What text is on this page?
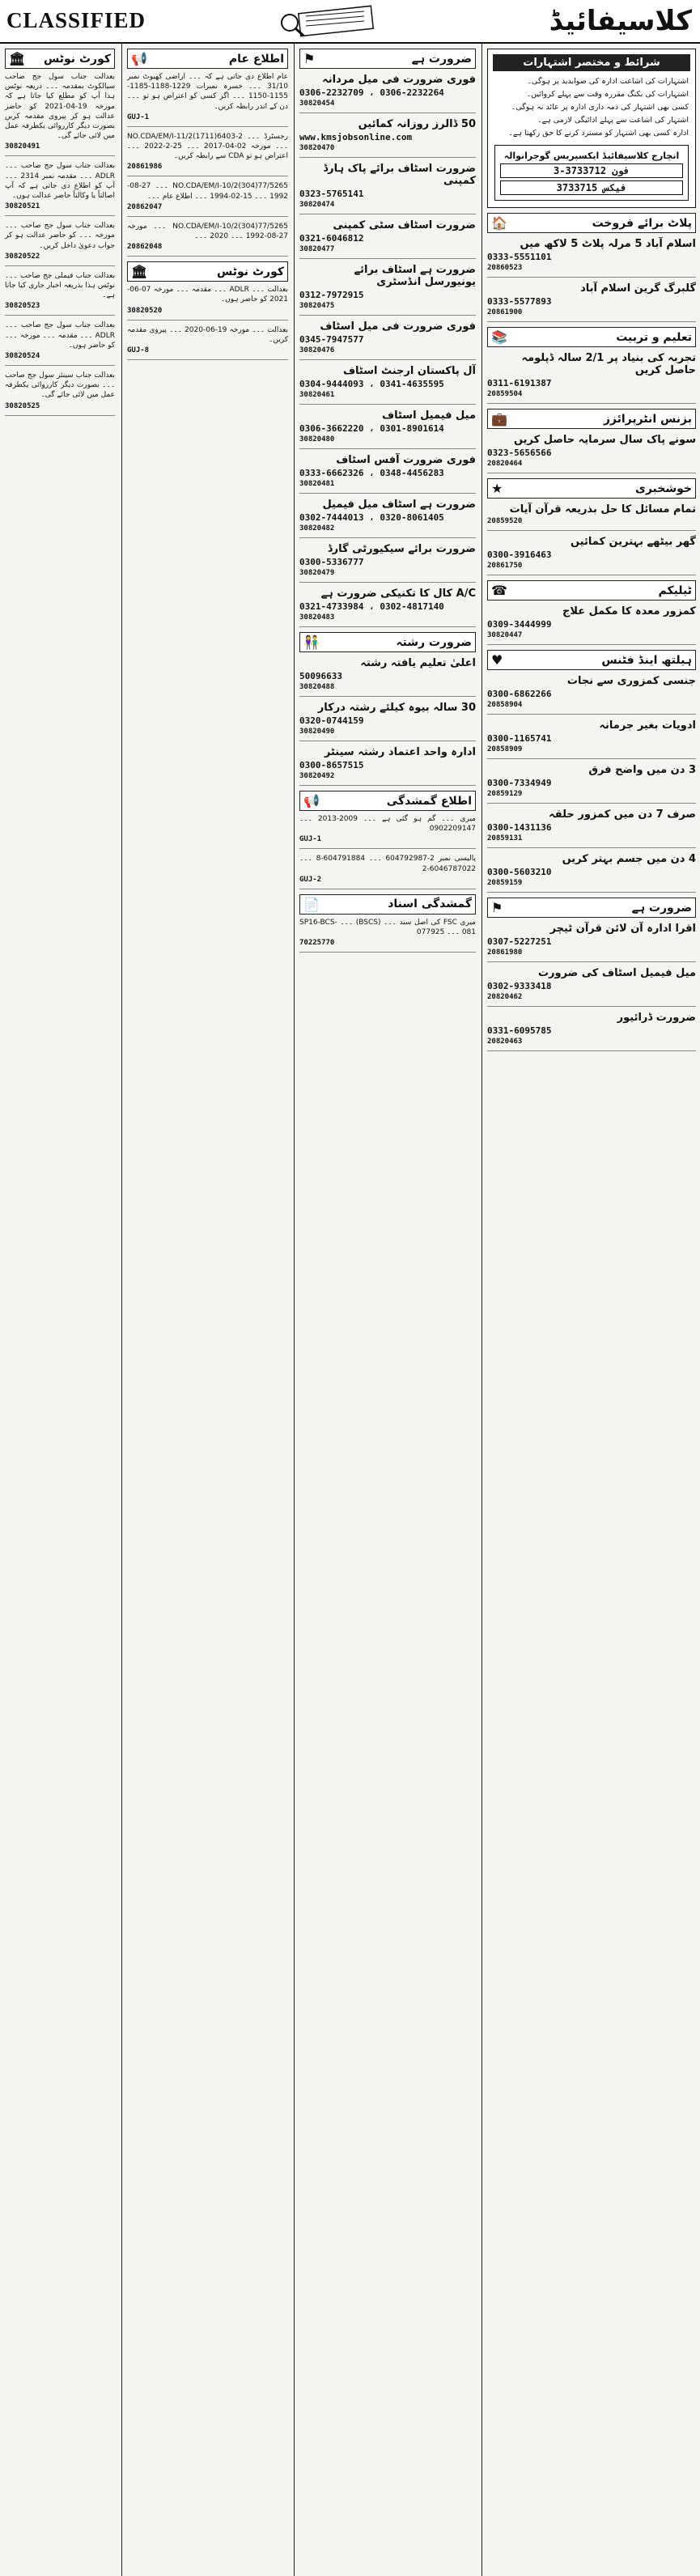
CLASSIFIED	کلاسیفائیڈ
کورٹ نوٹس
🏛
بعدالت جناب سول جج صاحب سیالکوٹ بمقدمہ ۔۔۔ ذریعہ نوٹس ہذا آپ کو مطلع کیا جاتا ہے کہ مورخہ 19-04-2021 کو حاضر عدالت ہو کر پیروی مقدمہ کریں بصورت دیگر کارروائی یکطرفہ عمل میں لائی جائے گی۔
30820491
بعدالت جناب سول جج صاحب ۔۔۔ ADLR ۔۔۔ مقدمہ نمبر 2314 ۔۔۔ آپ کو اطلاع دی جاتی ہے کہ آپ اصالتاً یا وکالتاً حاضر عدالت ہوں۔
30820521
بعدالت جناب سول جج صاحب ۔۔۔ مورخہ ۔۔۔ کو حاضر عدالت ہو کر جواب دعویٰ داخل کریں۔
30820522
بعدالت جناب فیملی جج صاحب ۔۔۔ نوٹس ہذا بذریعہ اخبار جاری کیا جاتا ہے۔
30820523
بعدالت جناب سول جج صاحب ۔۔۔ ADLR ۔۔۔ مقدمہ ۔۔۔ مورخہ ۔۔۔ کو حاضر ہوں۔
30820524
بعدالت جناب سینئر سول جج صاحب ۔۔۔ بصورت دیگر کارروائی یکطرفہ عمل میں لائی جائے گی۔
30820525
اطلاع عام
📢
عام اطلاع دی جاتی ہے کہ ۔۔۔ اراضی کھیوٹ نمبر 31/10 ۔۔۔ خسرہ نمبرات 1229-1188-1185-1155-1150 ۔۔۔ اگر کسی کو اعتراض ہو تو ۔۔۔ دن کے اندر رابطہ کریں۔
GUJ-1
رجسٹرڈ ۔۔۔ NO.CDA/EM/I-11/2(1711)6403-2 ۔۔۔ مورخہ 02-04-2017 ۔۔۔ 25-2-2022 ۔۔۔ اعتراض ہو تو CDA سے رابطہ کریں۔
20861986
NO.CDA/EM/I-10/2(304)77/5265 ۔۔۔ 27-08-1992 ۔۔۔ 15-02-1994 ۔۔۔ اطلاع عام ۔۔۔
20862047
NO.CDA/EM/I-10/2(304)77/5265 ۔۔۔ مورخہ 27-08-1992 ۔۔۔ 2020 ۔۔۔
20862048
کورٹ نوٹس
🏛
بعدالت ۔۔۔ ADLR ۔۔۔ مقدمہ ۔۔۔ مورخہ 07-06-2021 کو حاضر ہوں۔
30820520
بعدالت ۔۔۔ مورخہ 19-06-2020 ۔۔۔ پیروی مقدمہ کریں۔
GUJ-8
ضرورت ہے
⚑
فوری ضرورت فی میل مردانہ
0306-2232709 ، 0306-2232264
30820454
50 ڈالرز روزانہ کمائیں
www.kmsjobsonline.com
30820470
ضرورت اسٹاف برائے پاک ہارڈ کمپنی
0323-5765141
30820474
ضرورت اسٹاف سٹی کمپنی
0321-6046812
30820477
ضرورت ہے اسٹاف برائے یونیورسل انڈسٹری
0312-7972915
30820475
فوری ضرورت فی میل اسٹاف
0345-7947577
30820476
آل پاکستان ارجنٹ اسٹاف
0304-9444093 ، 0341-4635595
30820461
میل فیمیل اسٹاف
0306-3662220 ، 0301-8901614
30820480
فوری ضرورت آفس اسٹاف
0333-6662326 ، 0348-4456283
30820481
ضرورت ہے اسٹاف میل فیمیل
0302-7444013 ، 0320-8061405
30820482
ضرورت برائے سیکیورٹی گارڈ
0300-5336777
30820479
A/C کال کا تکنیکی ضرورت ہے
0321-4733984 ، 0302-4817140
30820483
ضرورت رشتہ
👫
اعلیٰ تعلیم یافتہ رشتہ
50096633
30820488
30 سالہ بیوہ کیلئے رشتہ درکار
0320-0744159
30820490
ادارہ واحد اعتماد رشتہ سینٹر
0300-8657515
30820492
اطلاع گمشدگی
📢
میری ۔۔۔ گم ہو گئی ہے ۔۔۔ 2009-2013 ۔۔۔ 0902209147
GUJ-1
پالیسی نمبر 2-604792987 ۔۔۔ 604791884-8 ۔۔۔ 6046787022-2
GUJ-2
گمشدگی اسناد
📄
میری FSC کی اصل سند ۔۔۔ (BSCS) ۔۔۔ SP16-BCS-081 ۔۔۔ 077925
70225770
شرائط و مختصر اشتہارات
اشتہارات کی اشاعت ادارہ کی صوابدید پر ہوگی۔
اشتہارات کی بکنگ مقررہ وقت سے پہلے کروائیں۔
کسی بھی اشتہار کی ذمہ داری ادارہ پر عائد نہ ہوگی۔
اشتہار کی اشاعت سے پہلے ادائیگی لازمی ہے۔
ادارہ کسی بھی اشتہار کو مسترد کرنے کا حق رکھتا ہے۔
انچارج کلاسیفائیڈ ایکسپریس گوجرانوالہ
فون 3733712-3
فیکس 3733715
پلاٹ برائے فروخت
🏠
اسلام آباد 5 مرلہ پلاٹ 5 لاکھ میں
0333-5551101
20860523
گلبرگ گرین اسلام آباد
0333-5577893
20861900
تعلیم و تربیت
📚
تجربہ کی بنیاد پر 2/1 سالہ ڈپلومہ حاصل کریں
0311-6191387
20859504
بزنس انٹرپرائزز
💼
سونے پاک سال سرمایہ حاصل کریں
0323-5656566
20820464
خوشخبری
★
تمام مسائل کا حل بذریعہ قرآن آیات
20859520
گھر بیٹھے بہترین کمائیں
0300-3916463
20861750
ٹیلیکم
☎
کمزور معدہ کا مکمل علاج
0309-3444999
30820447
ہیلتھ اینڈ فٹنس
♥
جنسی کمزوری سے نجات
0300-6862266
20858904
ادویات بغیر جرمانہ
0300-1165741
20858909
3 دن میں واضح فرق
0300-7334949
20859129
صرف 7 دن میں کمزور حلقہ
0300-1431136
20859131
4 دن میں جسم بہتر کریں
0300-5603210
20859159
ضرورت ہے
⚑
اقرا ادارہ آن لائن قرآن ٹیچر
0307-5227251
20861980
میل فیمیل اسٹاف کی ضرورت
0302-9333418
20820462
ضرورت ڈرائیور
0331-6095785
20820463
